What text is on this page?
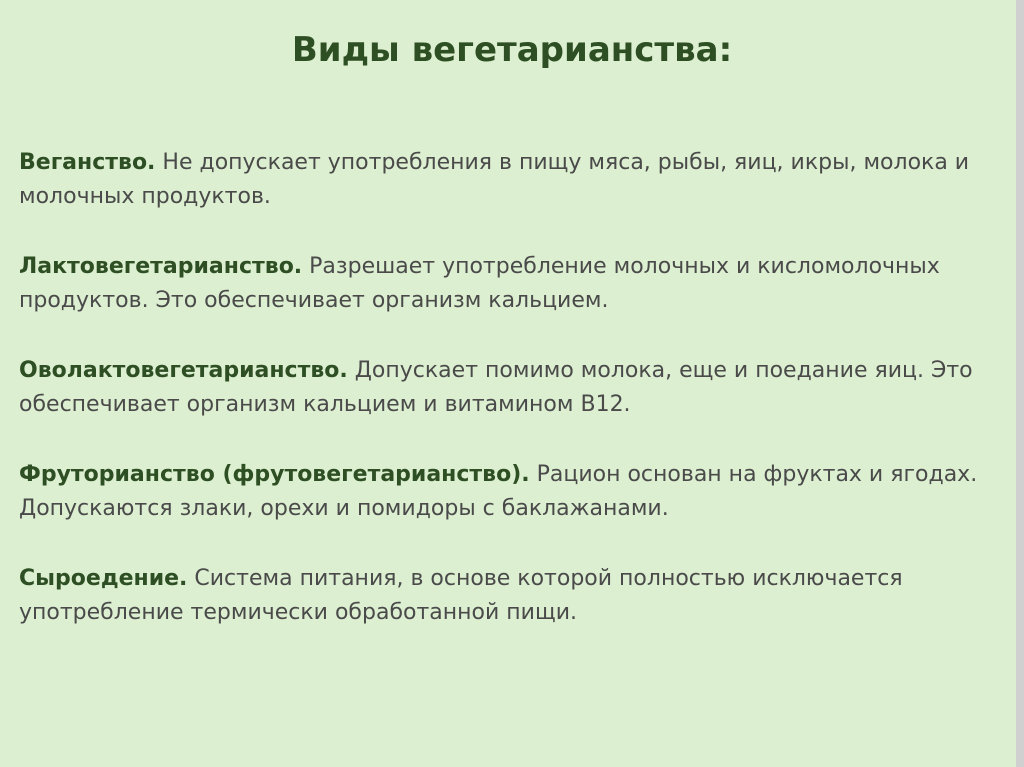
Виды вегетарианства:

Веганство. Не допускает употребления в пищу мяса, рыбы, яиц, икры, молока и молочных продуктов.

Лактовегетарианство. Разрешает употребление молочных и кисломолочных продуктов. Это обеспечивает организм кальцием.

Оволактовегетарианство. Допускает помимо молока, еще и поедание яиц. Это обеспечивает организм кальцием и витамином B12.

Фруторианство (фрутовегетарианство). Рацион основан на фруктах и ягодах. Допускаются злаки, орехи и помидоры с баклажанами.

Сыроедение. Система питания, в основе которой полностью исключается употребление термически обработанной пищи.
